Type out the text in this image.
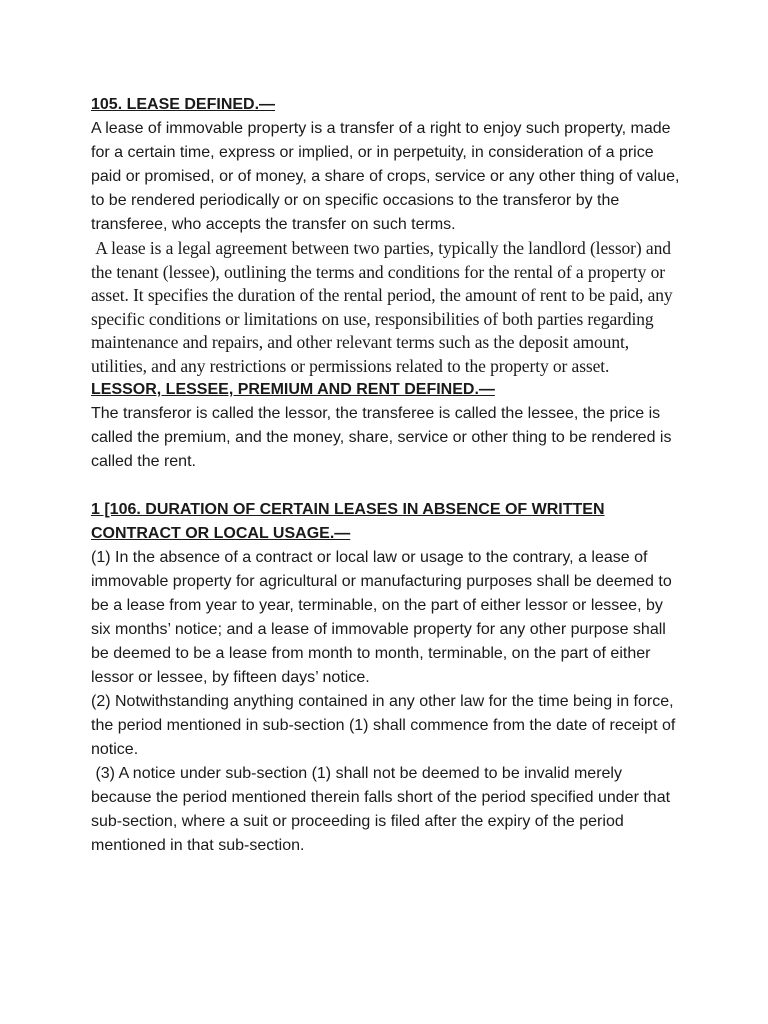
105. LEASE DEFINED.—

A lease of immovable property is a transfer of a right to enjoy such property, made for a certain time, express or implied, or in perpetuity, in consideration of a price paid or promised, or of money, a share of crops, service or any other thing of value, to be rendered periodically or on specific occasions to the transferor by the transferee, who accepts the transfer on such terms.

A lease is a legal agreement between two parties, typically the landlord (lessor) and the tenant (lessee), outlining the terms and conditions for the rental of a property or asset. It specifies the duration of the rental period, the amount of rent to be paid, any specific conditions or limitations on use, responsibilities of both parties regarding maintenance and repairs, and other relevant terms such as the deposit amount, utilities, and any restrictions or permissions related to the property or asset.

LESSOR, LESSEE, PREMIUM AND RENT DEFINED.—

The transferor is called the lessor, the transferee is called the lessee, the price is called the premium, and the money, share, service or other thing to be rendered is called the rent.

1 [106. DURATION OF CERTAIN LEASES IN ABSENCE OF WRITTEN CONTRACT OR LOCAL USAGE.—

(1) In the absence of a contract or local law or usage to the contrary, a lease of immovable property for agricultural or manufacturing purposes shall be deemed to be a lease from year to year, terminable, on the part of either lessor or lessee, by six months’ notice; and a lease of immovable property for any other purpose shall be deemed to be a lease from month to month, terminable, on the part of either lessor or lessee, by fifteen days’ notice.

(2) Notwithstanding anything contained in any other law for the time being in force, the period mentioned in sub-section (1) shall commence from the date of receipt of notice.

(3) A notice under sub-section (1) shall not be deemed to be invalid merely because the period mentioned therein falls short of the period specified under that sub-section, where a suit or proceeding is filed after the expiry of the period mentioned in that sub-section.
